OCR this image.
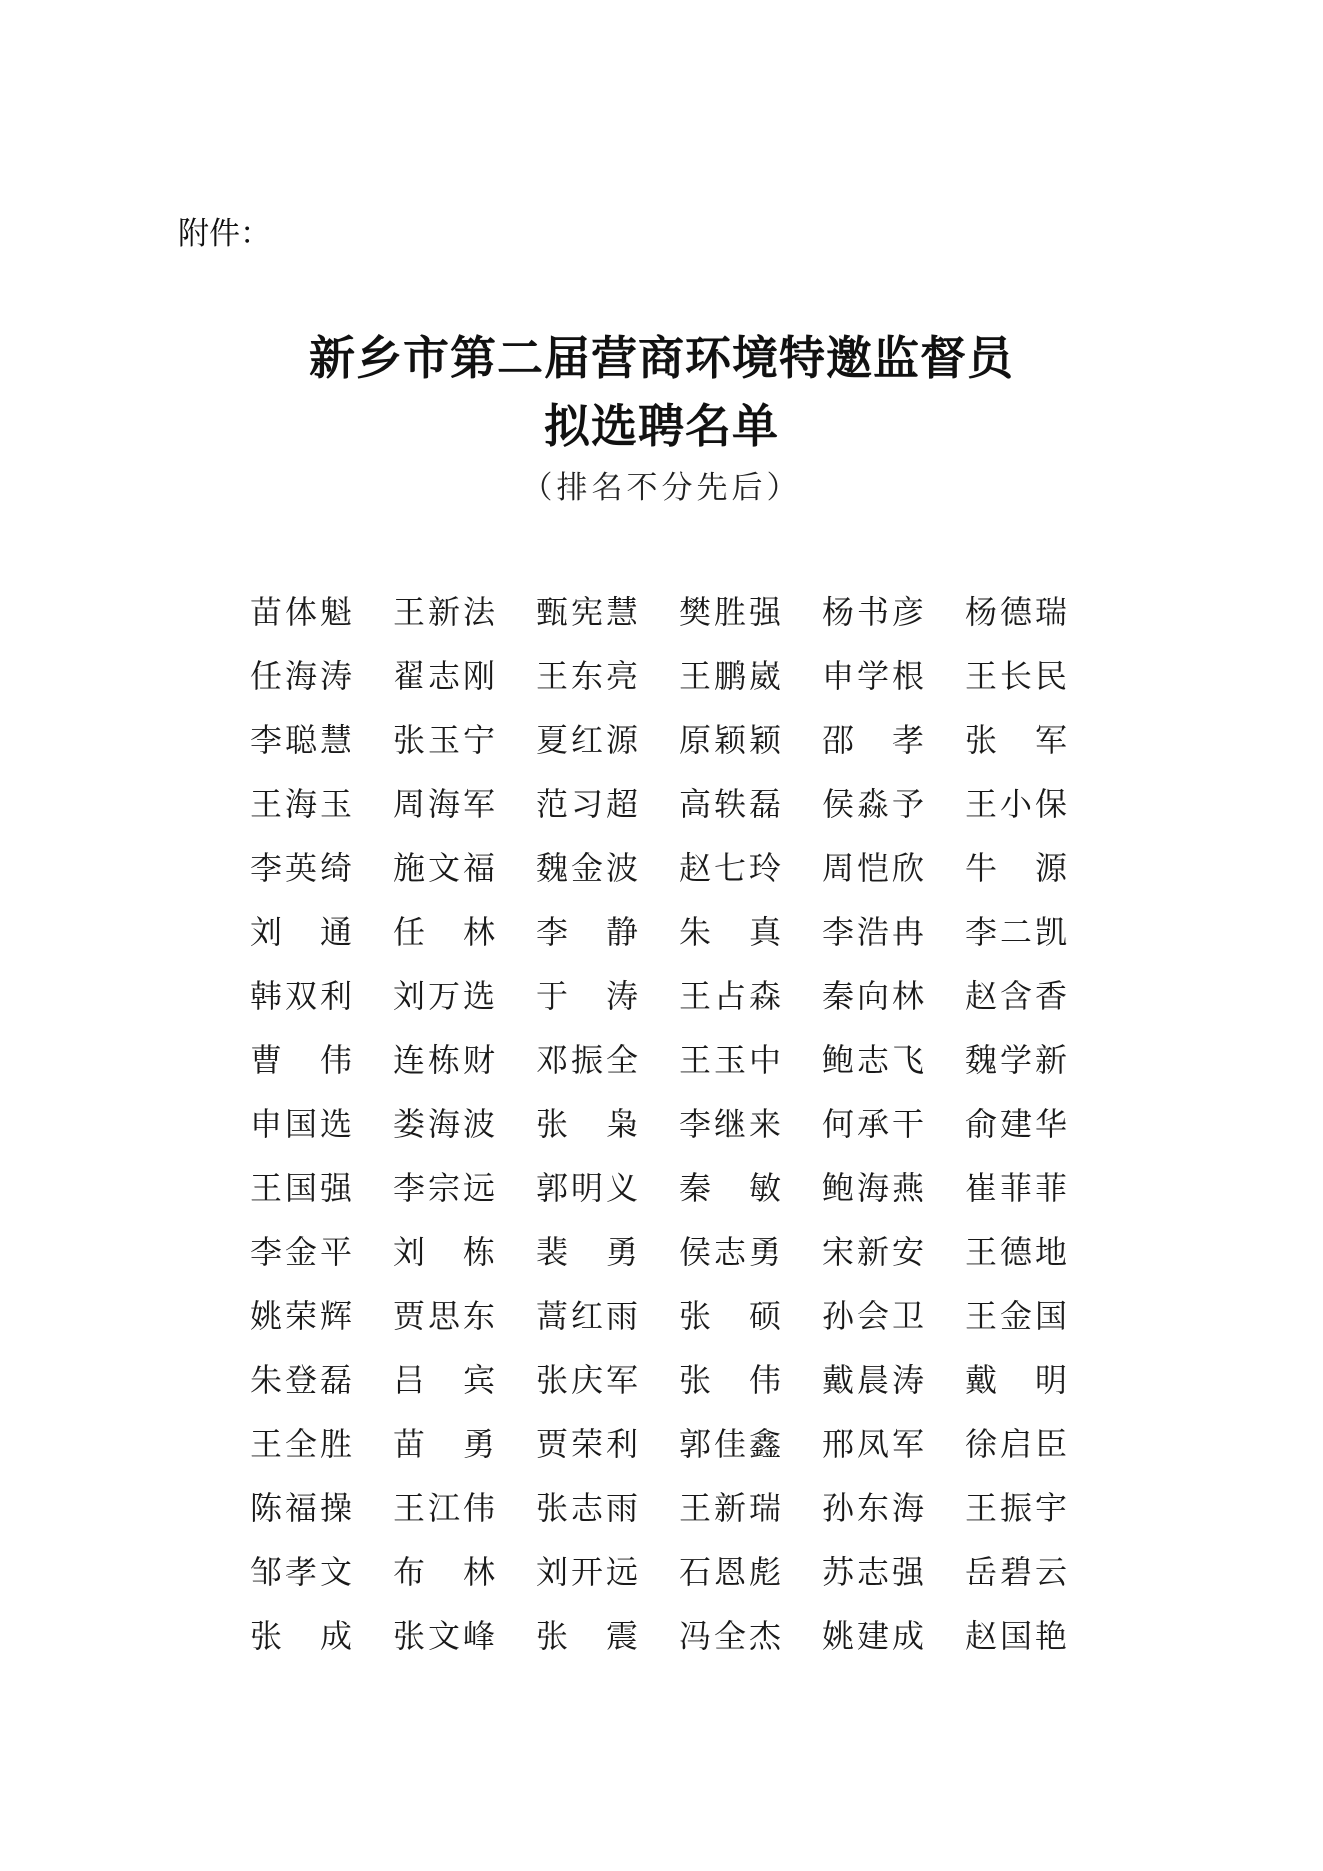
附件：
新乡市第二届营商环境特邀监督员
拟选聘名单
（排名不分先后）
苗 体 魁 王 新 法 甄 宪 慧 樊 胜 强 杨 书 彦 杨 德 瑞
任 海 涛 翟 志 刚 王 东 亮 王 鹏 崴 申 学 根 王 长 民
李 聪 慧 张 玉 宁 夏 红 源 原 颖 颖 邵 孝 张 军
王 海 玉 周 海 军 范 习 超 高 轶 磊 侯 淼 予 王 小 保
李 英 绮 施 文 福 魏 金 波 赵 七 玲 周 恺 欣 牛 源
刘 通 任 林 李 静 朱 真 李 浩 冉 李 二 凯
韩 双 利 刘 万 选 于 涛 王 占 森 秦 向 林 赵 含 香
曹 伟 连 栋 财 邓 振 全 王 玉 中 鲍 志 飞 魏 学 新
申 国 选 娄 海 波 张 枭 李 继 来 何 承 干 俞 建 华
王 国 强 李 宗 远 郭 明 义 秦 敏 鲍 海 燕 崔 菲 菲
李 金 平 刘 栋 裴 勇 侯 志 勇 宋 新 安 王 德 地
姚 荣 辉 贾 思 东 蒿 红 雨 张 硕 孙 会 卫 王 金 国
朱 登 磊 吕 宾 张 庆 军 张 伟 戴 晨 涛 戴 明
王 全 胜 苗 勇 贾 荣 利 郭 佳 鑫 邢 凤 军 徐 启 臣
陈 福 操 王 江 伟 张 志 雨 王 新 瑞 孙 东 海 王 振 宇
邹 孝 文 布 林 刘 开 远 石 恩 彪 苏 志 强 岳 碧 云
张 成 张 文 峰 张 震 冯 全 杰 姚 建 成 赵 国 艳
